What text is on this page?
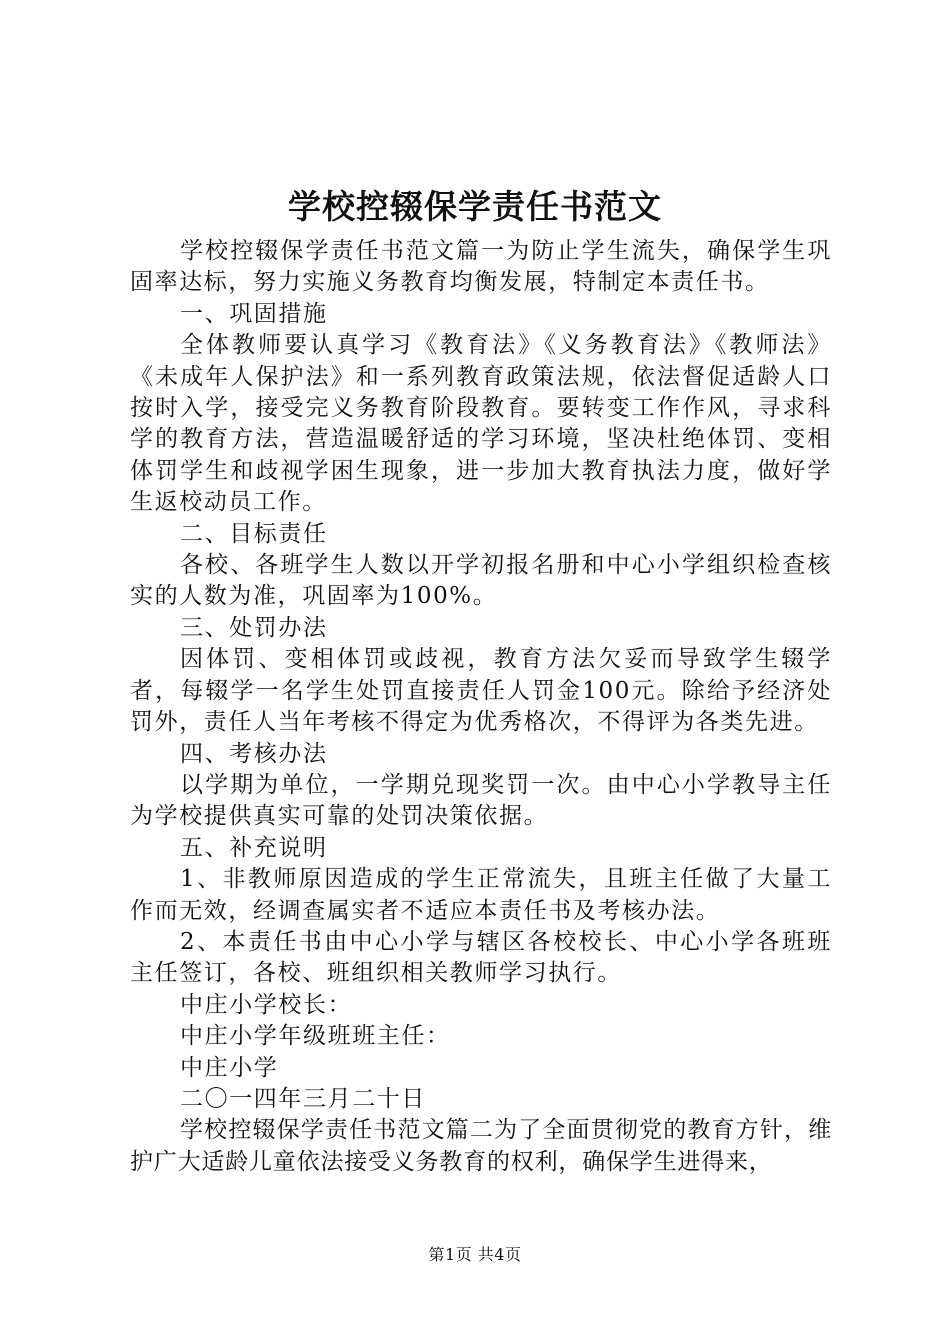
学校控辍保学责任书范文

学校控辍保学责任书范文篇一为防止学生流失，确保学生巩固率达标，努力实施义务教育均衡发展，特制定本责任书。

一、巩固措施

全体教师要认真学习《教育法》《义务教育法》《教师法》《未成年人保护法》和一系列教育政策法规，依法督促适龄人口按时入学，接受完义务教育阶段教育。要转变工作作风，寻求科学的教育方法，营造温暖舒适的学习环境，坚决杜绝体罚、变相体罚学生和歧视学困生现象，进一步加大教育执法力度，做好学生返校动员工作。

二、目标责任

各校、各班学生人数以开学初报名册和中心小学组织检查核实的人数为准，巩固率为100%。

三、处罚办法

因体罚、变相体罚或歧视，教育方法欠妥而导致学生辍学者，每辍学一名学生处罚直接责任人罚金100元。除给予经济处罚外，责任人当年考核不得定为优秀格次，不得评为各类先进。

四、考核办法

以学期为单位，一学期兑现奖罚一次。由中心小学教导主任为学校提供真实可靠的处罚决策依据。

五、补充说明

1、非教师原因造成的学生正常流失，且班主任做了大量工作而无效，经调查属实者不适应本责任书及考核办法。

2、本责任书由中心小学与辖区各校校长、中心小学各班班主任签订，各校、班组织相关教师学习执行。

中庄小学校长：

中庄小学年级班班主任：

中庄小学

二〇一四年三月二十日

学校控辍保学责任书范文篇二为了全面贯彻党的教育方针，维护广大适龄儿童依法接受义务教育的权利，确保学生进得来，

第1页 共4页
